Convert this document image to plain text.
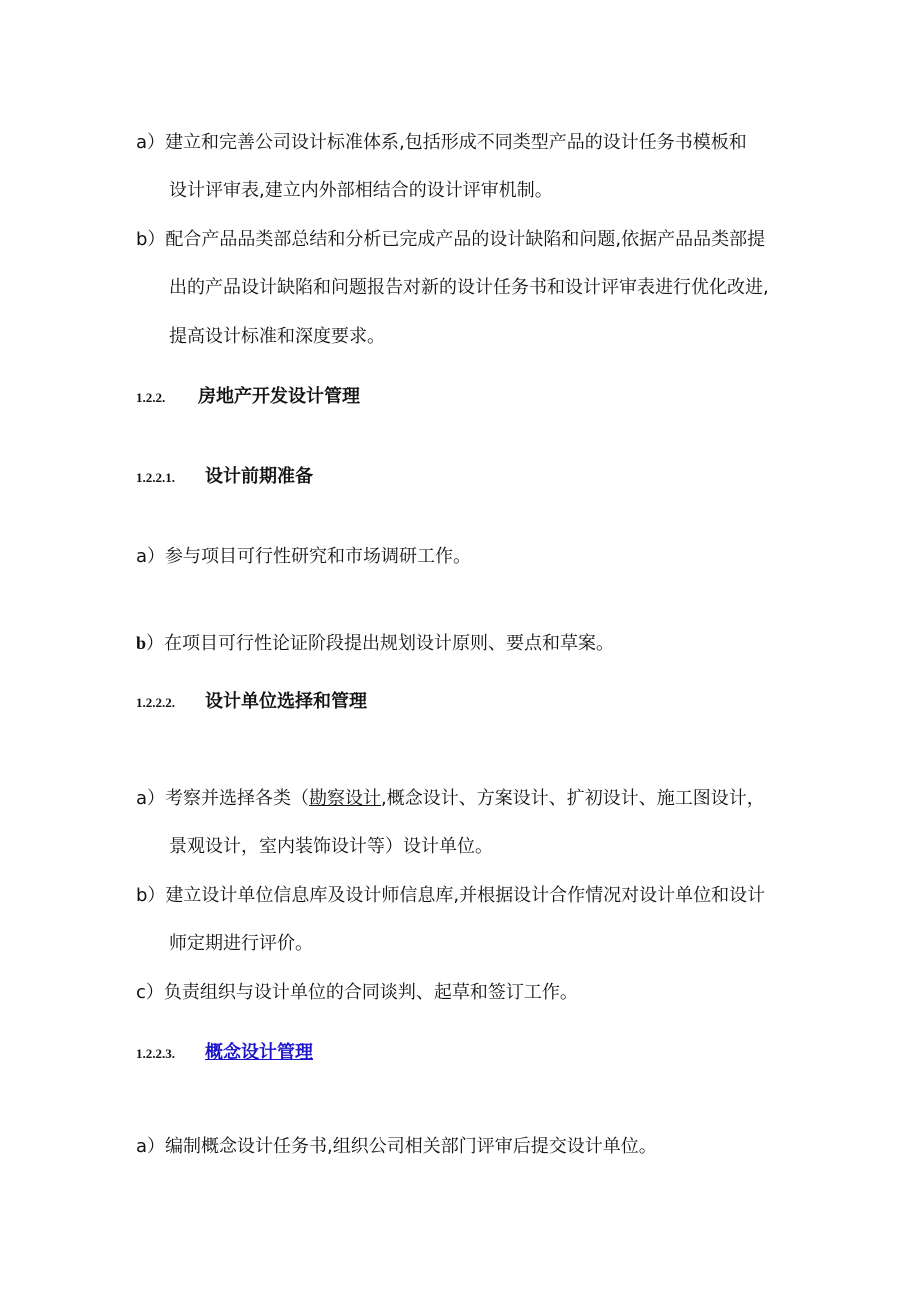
a）建立和完善公司设计标准体系,包括形成不同类型产品的设计任务书模板和
设计评审表,建立内外部相结合的设计评审机制。
b）配合产品品类部总结和分析已完成产品的设计缺陷和问题,依据产品品类部提
出的产品设计缺陷和问题报告对新的设计任务书和设计评审表进行优化改进,
提高设计标准和深度要求。
1.2.2. 房地产开发设计管理
1.2.2.1. 设计前期准备
a）参与项目可行性研究和市场调研工作。
b）在项目可行性论证阶段提出规划设计原则、要点和草案。
1.2.2.2. 设计单位选择和管理
a）考察并选择各类（勘察设计,概念设计、方案设计、扩初设计、施工图设计，
景观设计，室内装饰设计等）设计单位。
b）建立设计单位信息库及设计师信息库,并根据设计合作情况对设计单位和设计
师定期进行评价。
c）负责组织与设计单位的合同谈判、起草和签订工作。
1.2.2.3. 概念设计管理
a）编制概念设计任务书,组织公司相关部门评审后提交设计单位。
